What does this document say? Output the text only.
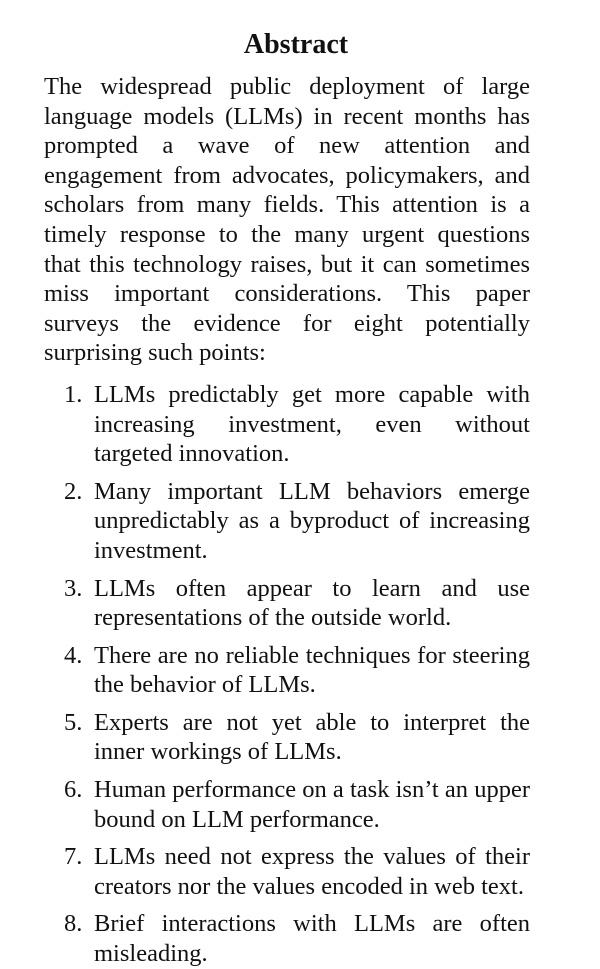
Abstract

The widespread public deployment of large language models (LLMs) in recent months has prompted a wave of new attention and engagement from advocates, policymakers, and scholars from many fields. This attention is a timely response to the many urgent questions that this technology raises, but it can sometimes miss important considerations. This paper surveys the evidence for eight potentially surprising such points:

1. LLMs predictably get more capable with increasing investment, even without targeted innovation.
2. Many important LLM behaviors emerge unpredictably as a byproduct of increasing investment.
3. LLMs often appear to learn and use representations of the outside world.
4. There are no reliable techniques for steering the behavior of LLMs.
5. Experts are not yet able to interpret the inner workings of LLMs.
6. Human performance on a task isn’t an upper bound on LLM performance.
7. LLMs need not express the values of their creators nor the values encoded in web text.
8. Brief interactions with LLMs are often misleading.
